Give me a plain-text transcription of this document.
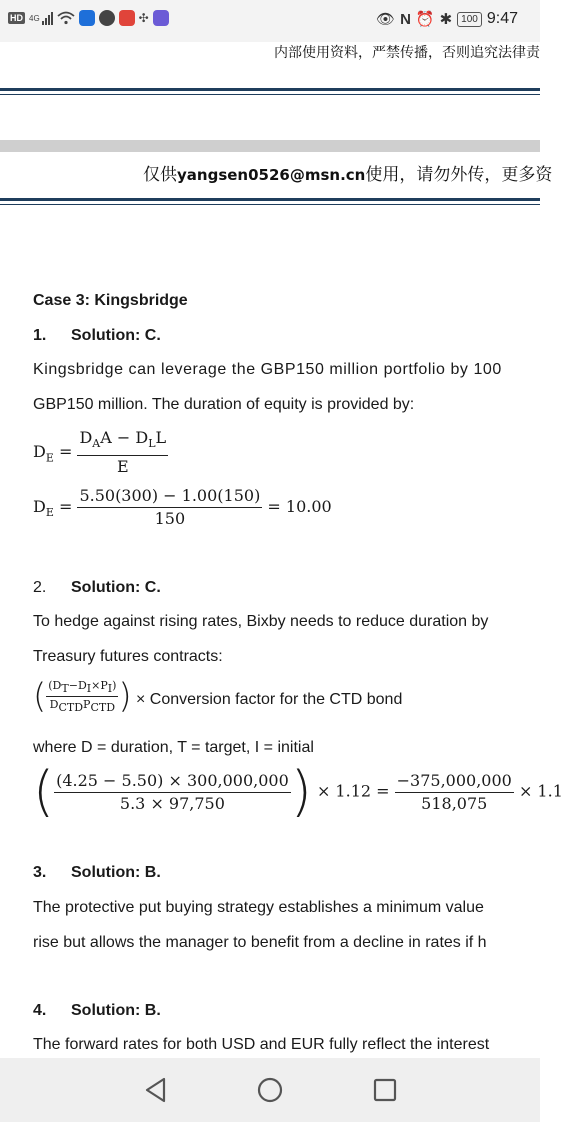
HD 4G	✣	👁 N ⏰ ✱ 100 9:47
内部使用资料，严禁传播，否则追究法律责
仅供yangsen0526@msn.cn使用，请勿外传，更多资
Case 3: Kingsbridge
1. Solution: C.
Kingsbridge can leverage the GBP150 million portfolio by 100
GBP150 million. The duration of equity is provided by:
$D_E = \frac{D_AA - D_LL}{E}$
$D_E = \frac{5.50(300) - 1.00(150)}{150} = 10.00$
2. Solution: C.
To hedge against rising rates, Bixby needs to reduce duration by
Treasury futures contracts:
( $\frac{(D_T-D_I\times P_I)}{D_{CTD}P_{CTD}}$ ) × Conversion factor for the CTD bond
where D = duration, T = target, I = initial
( $\frac{(4.25 - 5.50) \times 300,000,000}{5.3 \times 97,750}$ ) × $1.12 = \frac{-375,000,000}{518,075} \times 1.1$
3. Solution: B.
The protective put buying strategy establishes a minimum value
rise but allows the manager to benefit from a decline in rates if h
4. Solution: B.
The forward rates for both USD and EUR fully reflect the interest
